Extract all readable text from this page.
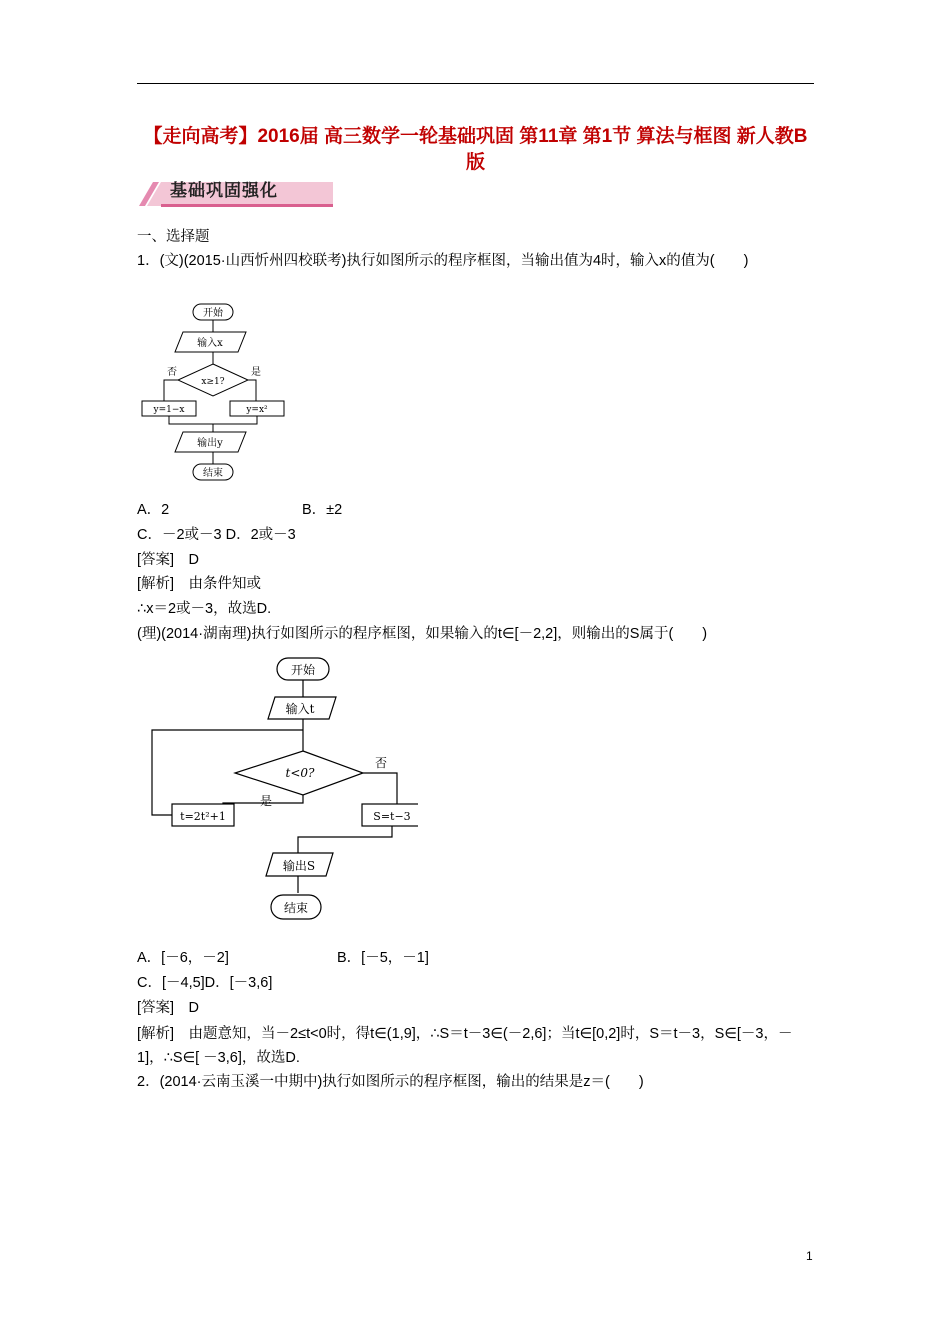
【走向高考】2016届 高三数学一轮基础巩固 第11章 第1节 算法与框图 新人教B版
基础巩固强化
一、选择题
1．(文)(2015·山西忻州四校联考)执行如图所示的程序框图，当输出值为4时，输入x的值为(　　)
开始
输入x
x≥1?
否	是
y=1−x	y=x²
输出y
结束
A．2	B．±2
C．－2或－3 D．2或－3
[答案]　D
[解析]　由条件知或
∴x＝2或－3，故选D.
(理)(2014·湖南理)执行如图所示的程序框图，如果输入的t∈[－2,2]，则输出的S属于(　　)
开始
输入t
t<0?
否
是
t=2t²+1	S=t−3
输出S
结束
A．[－6，－2]	B．[－5，－1]
C．[－4,5]D．[－3,6]
[答案]　D
[解析]　由题意知，当－2≤t<0时，得t∈(1,9]，∴S＝t－3∈(－2,6]；当t∈[0,2]时，S＝t－3，S∈[－3，－1]，∴S∈[ －3,6]，故选D.
2．(2014·云南玉溪一中期中)执行如图所示的程序框图，输出的结果是z＝(　　)
1
